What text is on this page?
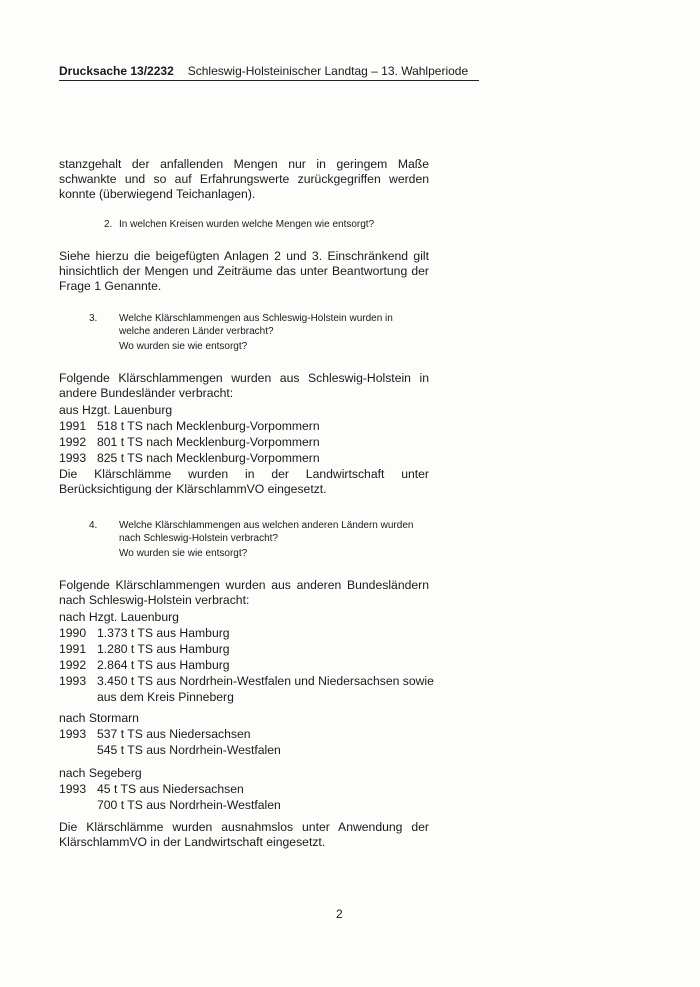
Drucksache 13/2232 Schleswig-Holsteinischer Landtag – 13. Wahlperiode
stanzgehalt der anfallenden Mengen nur in geringem Maße schwankte und so auf Erfahrungswerte zurückgegriffen werden konnte (überwiegend Teichanlagen).
2. In welchen Kreisen wurden welche Mengen wie entsorgt?
Siehe hierzu die beigefügten Anlagen 2 und 3. Einschränkend gilt hinsichtlich der Mengen und Zeiträume das unter Beantwortung der Frage 1 Genannte.
3. Welche Klärschlammengen aus Schleswig-Holstein wurden in welche anderen Länder verbracht?
Wo wurden sie wie entsorgt?
Folgende Klärschlammengen wurden aus Schleswig-Holstein in andere Bundesländer verbracht:
aus Hzgt. Lauenburg
1991 518 t TS nach Mecklenburg-Vorpommern
1992 801 t TS nach Mecklenburg-Vorpommern
1993 825 t TS nach Mecklenburg-Vorpommern
Die Klärschlämme wurden in der Landwirtschaft unter Berücksichtigung der KlärschlammVO eingesetzt.
4. Welche Klärschlammengen aus welchen anderen Ländern wurden nach Schleswig-Holstein verbracht?
Wo wurden sie wie entsorgt?
Folgende Klärschlammengen wurden aus anderen Bundesländern nach Schleswig-Holstein verbracht:
nach Hzgt. Lauenburg
1990 1.373 t TS aus Hamburg
1991 1.280 t TS aus Hamburg
1992 2.864 t TS aus Hamburg
1993 3.450 t TS aus Nordrhein-Westfalen und Niedersachsen sowie
aus dem Kreis Pinneberg
nach Stormarn
1993 537 t TS aus Niedersachsen
545 t TS aus Nordrhein-Westfalen
nach Segeberg
1993 45 t TS aus Niedersachsen
700 t TS aus Nordrhein-Westfalen
Die Klärschlämme wurden ausnahmslos unter Anwendung der KlärschlammVO in der Landwirtschaft eingesetzt.
2
